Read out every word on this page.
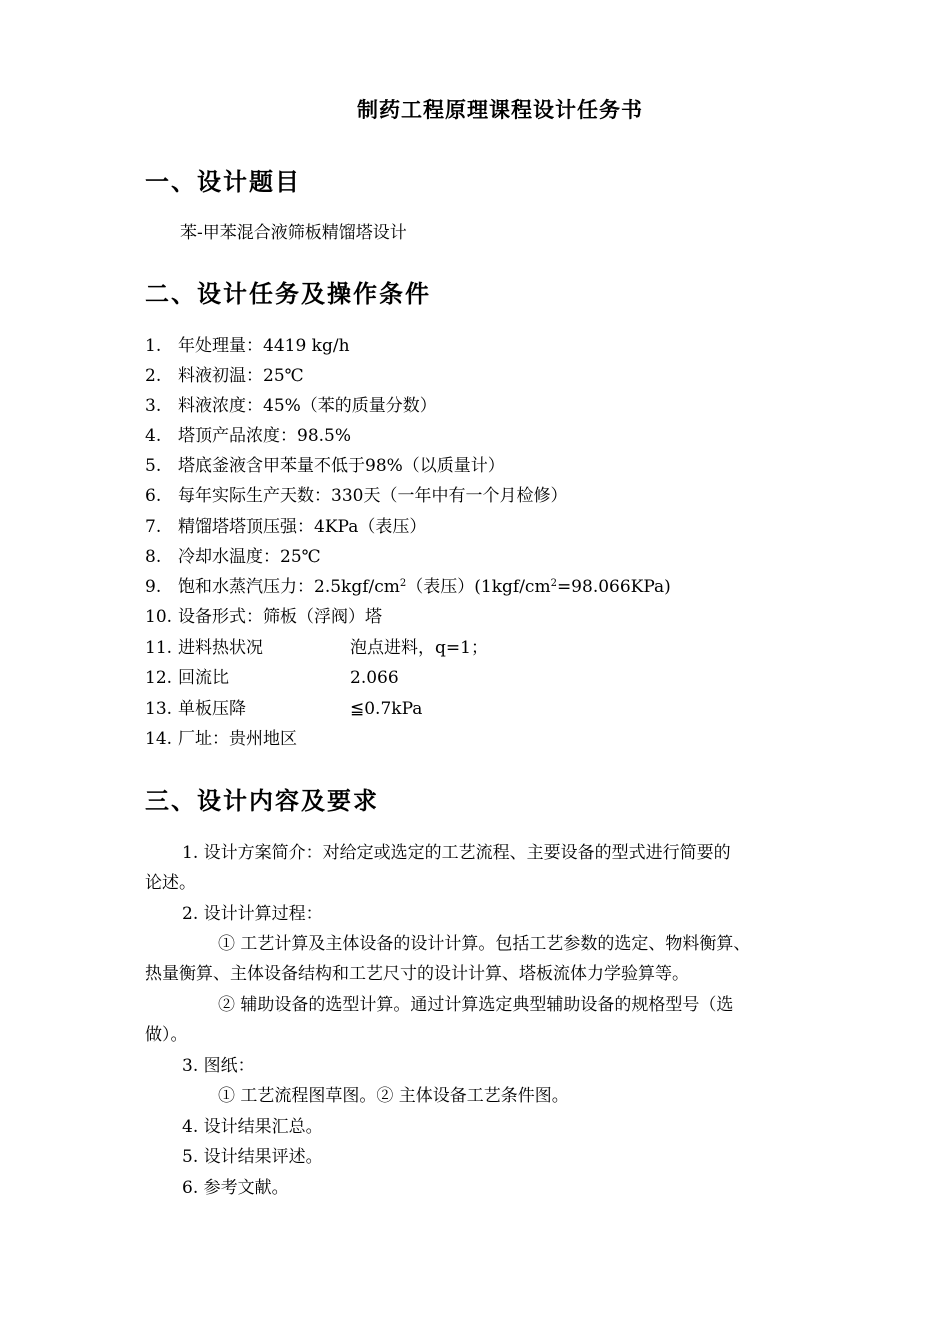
制药工程原理课程设计任务书
一、设计题目
苯-甲苯混合液筛板精馏塔设计
二、设计任务及操作条件
1. 年处理量：4419 kg/h
2. 料液初温：25℃
3. 料液浓度：45%（苯的质量分数）
4. 塔顶产品浓度：98.5%
5. 塔底釜液含甲苯量不低于98%（以质量计）
6. 每年实际生产天数：330天（一年中有一个月检修）
7. 精馏塔塔顶压强：4KPa（表压）
8. 冷却水温度：25℃
9. 饱和水蒸汽压力：$2.5kgf/cm^2$（表压）$(1kgf/cm^2=98.066KPa)$
10. 设备形式：筛板（浮阀）塔
11. 进料热状况	泡点进料，q=1；
12. 回流比	2.066
13. 单板压降	≦0.7kPa
14. 厂址：贵州地区
三、设计内容及要求
1. 设计方案简介：对给定或选定的工艺流程、主要设备的型式进行简要的
论述。
2. 设计计算过程：
① 工艺计算及主体设备的设计计算。包括工艺参数的选定、物料衡算、
热量衡算、主体设备结构和工艺尺寸的设计计算、塔板流体力学验算等。
② 辅助设备的选型计算。通过计算选定典型辅助设备的规格型号（选
做）。
3. 图纸：
① 工艺流程图草图。② 主体设备工艺条件图。
4. 设计结果汇总。
5. 设计结果评述。
6. 参考文献。
